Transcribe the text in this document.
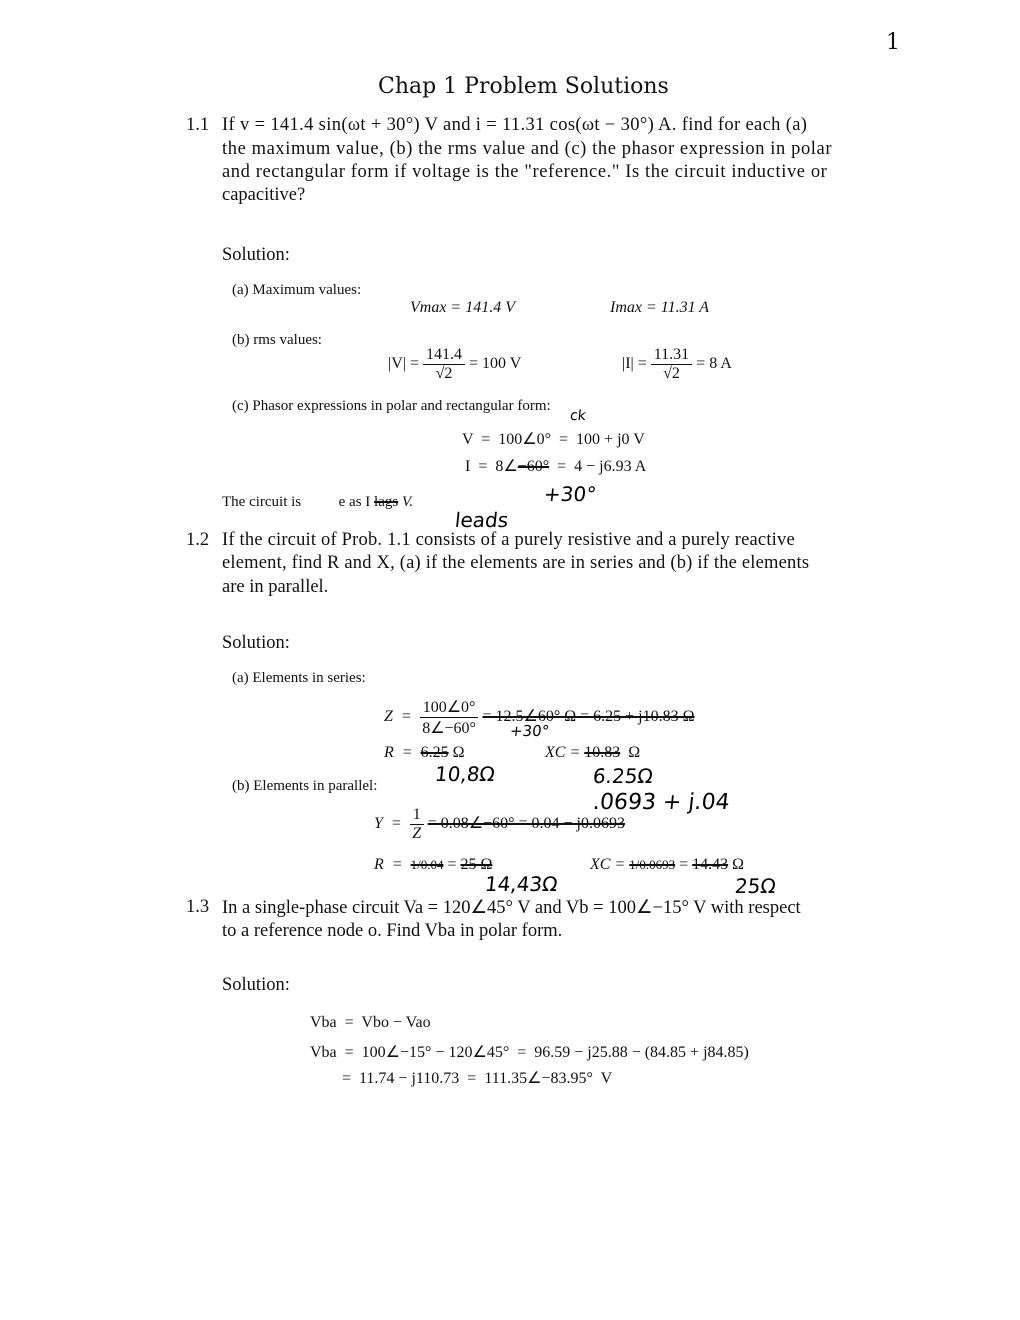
1
Chap 1 Problem Solutions
1.1 If v = 141.4 sin(ωt + 30°) V and i = 11.31 cos(ωt − 30°) A. find for each (a)
the maximum value, (b) the rms value and (c) the phasor expression in polar
and rectangular form if voltage is the "reference." Is the circuit inductive or
capacitive?
Solution:
(a) Maximum values:
Vmax = 141.4 V	Imax = 11.31 A
(b) rms values:
$|V| = \frac{141.4}{√2} = 100$ V	$|I| = \frac{11.31}{√2} = 8$ A
(c) Phasor expressions in polar and rectangular form:
ck
V  =  100∠0°  =  100 + j0 V
I  =  8∠−60°  =  4 − j6.93 A
+30°
The circuit is          e as I lags V.
leads
1.2 If the circuit of Prob. 1.1 consists of a purely resistive and a purely reactive
element, find R and X, (a) if the elements are in series and (b) if the elements
are in parallel.
Solution:
(a) Elements in series:
$Z = \frac{100\angle 0^\circ}{8\angle-60^\circ}$ = 12.5∠60° Ω = 6.25 + j10.83 Ω
+30°
R  = 6.25 Ω	XC = 10.83 Ω
10,8Ω	6.25Ω
(b) Elements in parallel:
.0693 + j.04
$Y = \frac{1}{Z}$ = 0.08∠−60° = 0.04 − j0.0693
R  = 1/0.04 = 25 Ω	XC = 1/0.0693 = 14.43 Ω
14,43Ω	25Ω
1.3 In a single-phase circuit Va = 120∠45° V and Vb = 100∠−15° V with respect
to a reference node o. Find Vba in polar form.
Solution:
Vba  =  Vbo − Vao
Vba  =  100∠−15° − 120∠45°  =  96.59 − j25.88 − (84.85 + j84.85)
=  11.74 − j110.73  =  111.35∠−83.95°  V
